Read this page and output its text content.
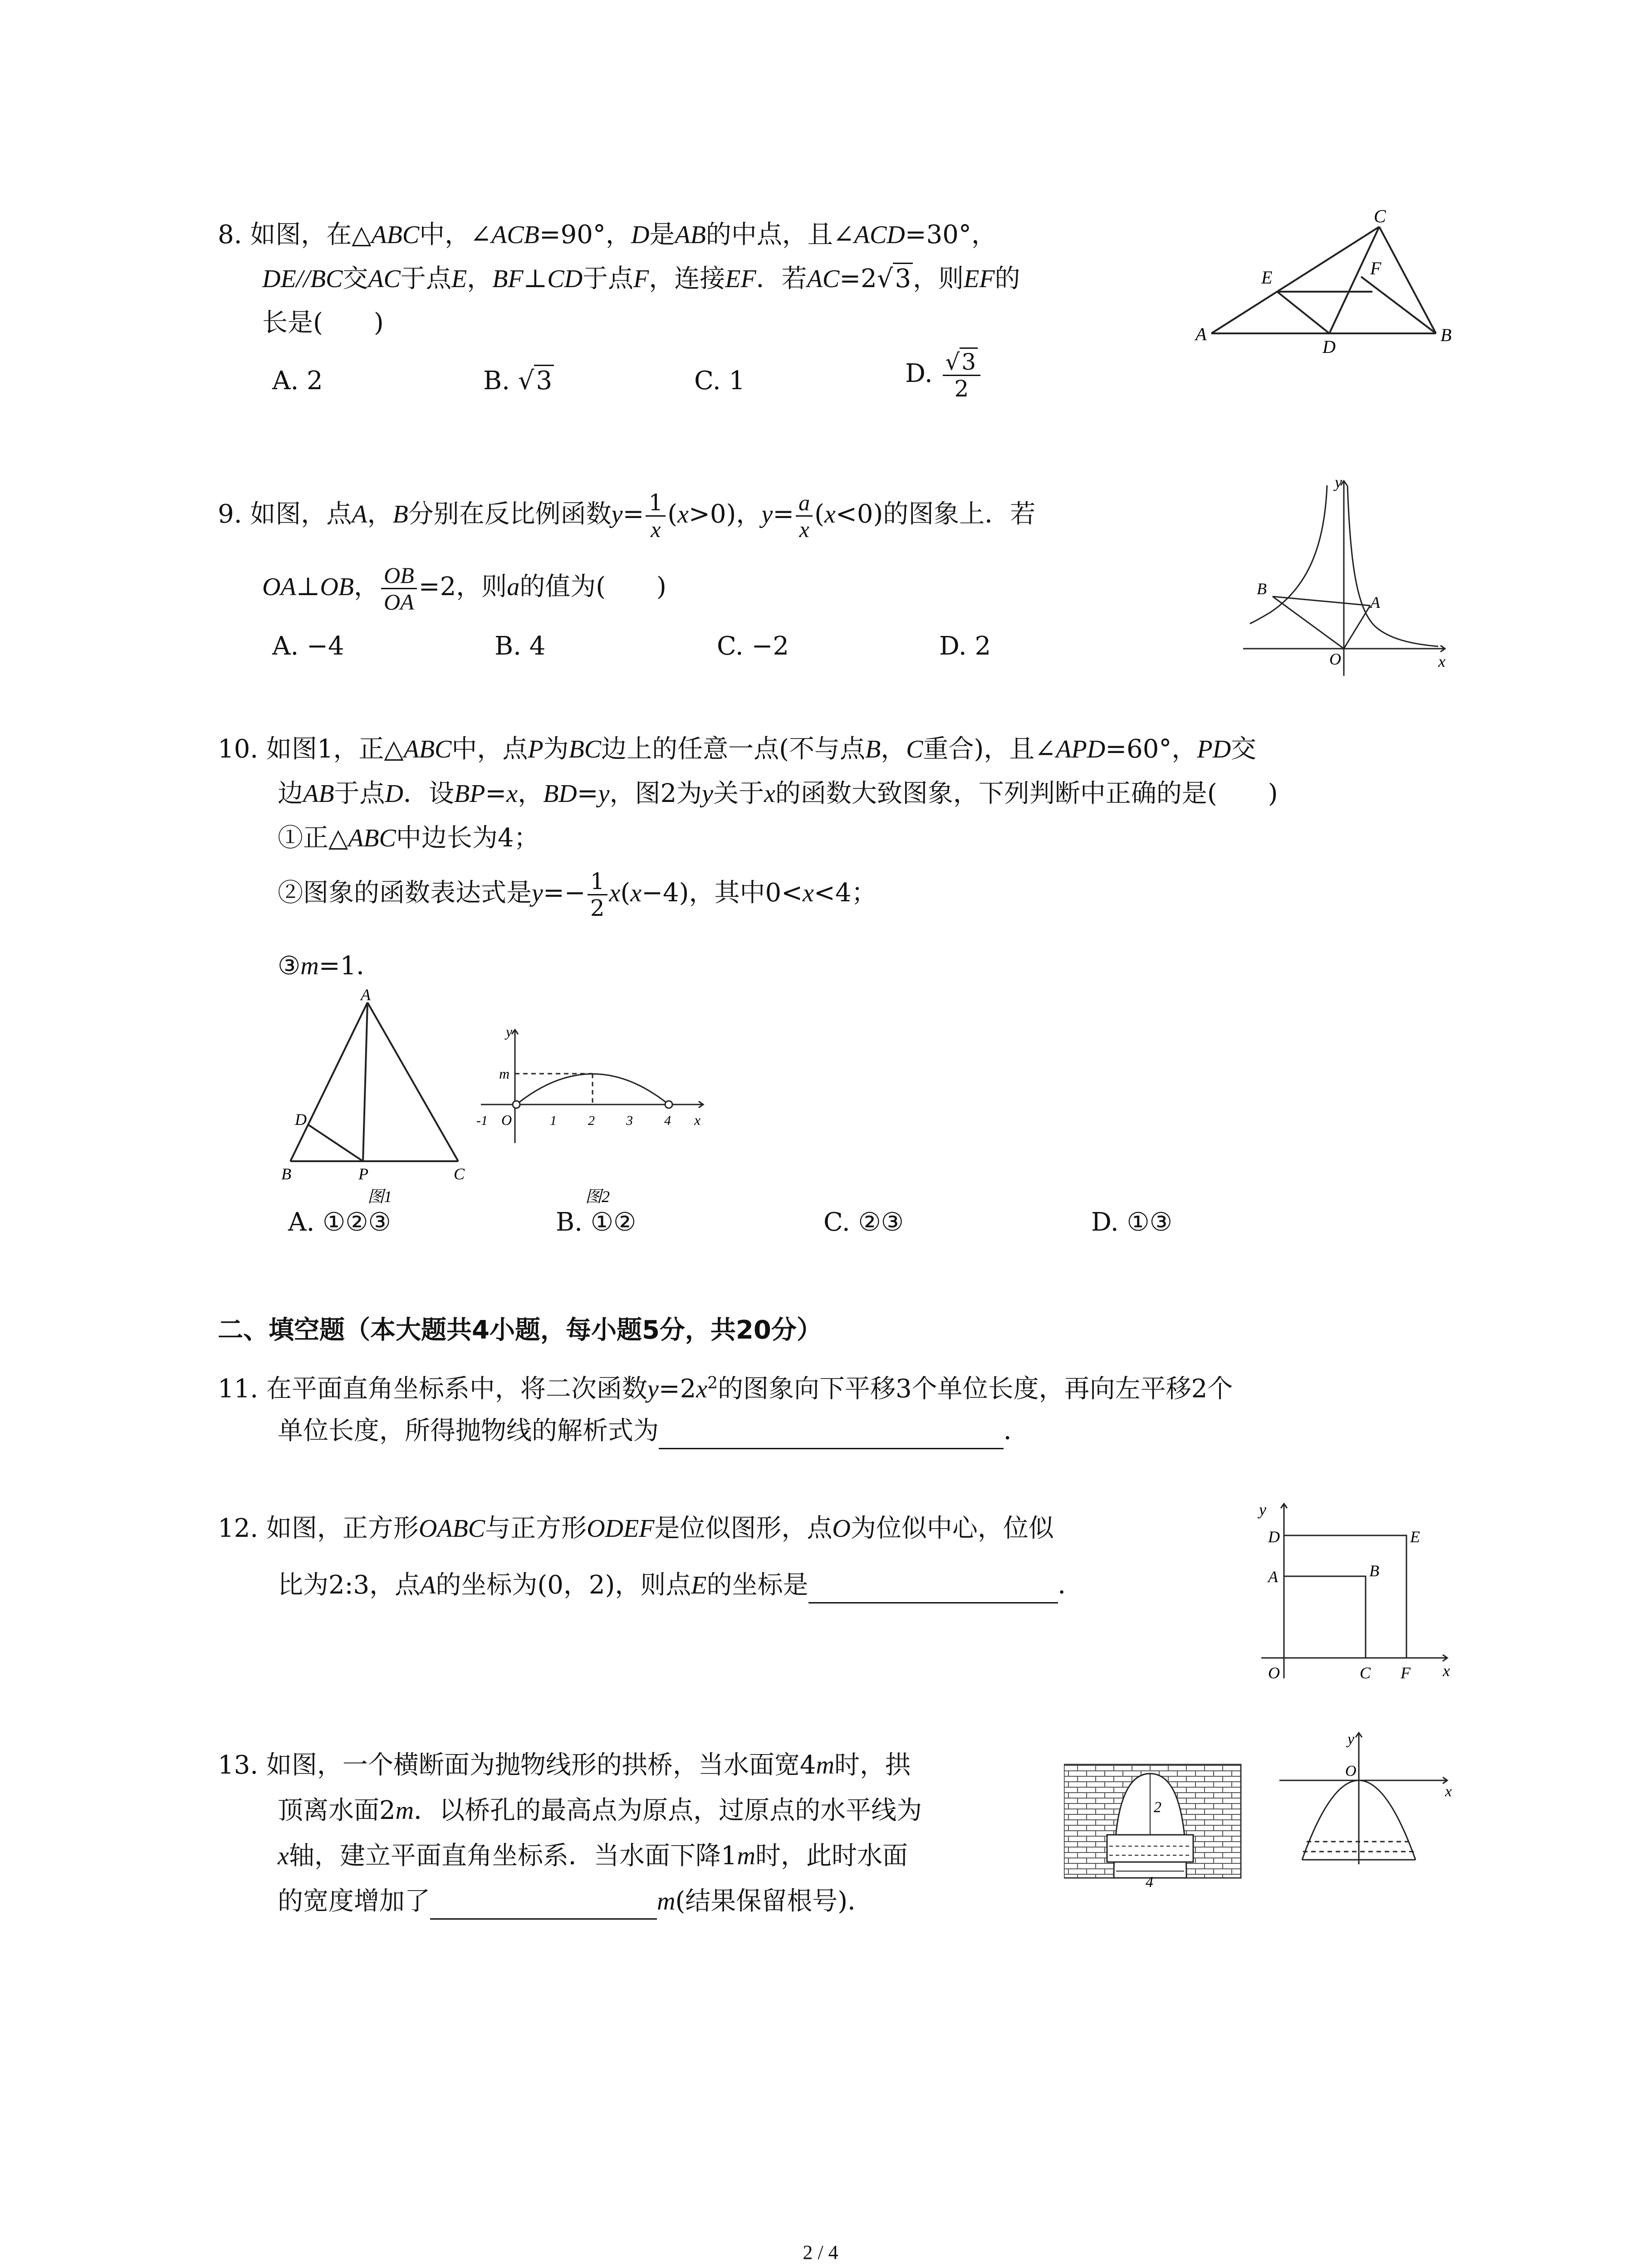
8. 如图，在△ABC中，∠ACB=90°，D是AB的中点，且∠ACD=30°，
DE//BC交AC于点E，BF⊥CD于点F，连接EF．若AC=2√3，则EF的
长是(　　)
A. 2	B. √3	C. 1	D. $\frac{√3}{2}$
A	B
C
D
E	F
9. 如图，点A，B分别在反比例函数$y= \frac{1}{x} (x>0)$，$y= \frac{a}{x} (x<0)$的图象上．若
OA⊥OB， $\frac{OB}{OA} =2$，则a的值为(　　)
A. −4	B. 4	C. −2	D. 2
y
x
O
A
B
10. 如图1，正△ABC中，点P为BC边上的任意一点(不与点B，C重合)，且∠APD=60°，PD交
边AB于点D．设BP=x，BD=y，图2为y关于x的函数大致图象，下列判断中正确的是(　　)
①正△ABC中边长为4；
②图象的函数表达式是$y=- \frac{1}{2} x(x-4)$，其中0<x<4；
③m=1．
A
B	C
D
P
图1
y
m
-1 O	1 2 3 4 x
图2
A. ①②③	B. ①②	C. ②③	D. ①③
二、填空题（本大题共4小题，每小题5分，共20分）
11. 在平面直角坐标系中，将二次函数$y=2x^2$的图象向下平移3个单位长度，再向左平移2个
单位长度，所得抛物线的解析式为	．
12. 如图，正方形OABC与正方形ODEF是位似图形，点O为位似中心，位似
比为2:3，点A的坐标为(0，2)，则点E的坐标是	．
y
x
O
A
D
B
E
C F
13. 如图，一个横断面为抛物线形的拱桥，当水面宽4m时，拱
顶离水面2m．以桥孔的最高点为原点，过原点的水平线为
x轴，建立平面直角坐标系．当水面下降1m时，此时水面
的宽度增加了	m(结果保留根号)．
2
4
y
x
O
2 / 4
